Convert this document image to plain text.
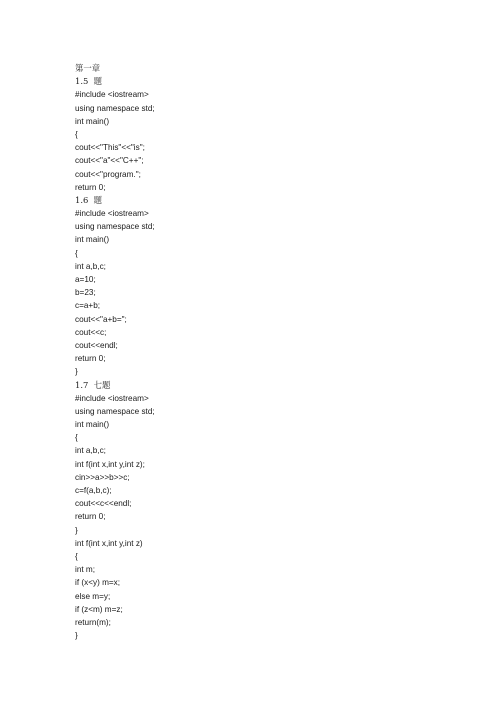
第一章
1.5  题
#include <iostream>
using namespace std;
int main()
{
cout<<"This"<<"is";
cout<<"a"<<"C++";
cout<<"program.";
return 0;
1.6  题
#include <iostream>
using namespace std;
int main()
{
int a,b,c;
a=10;
b=23;
c=a+b;
cout<<"a+b=";
cout<<c;
cout<<endl;
return 0;
}
1.7  七题
#include <iostream>
using namespace std;
int main()
{
int a,b,c;
int f(int x,int y,int z);
cin>>a>>b>>c;
c=f(a,b,c);
cout<<c<<endl;
return 0;
}
int f(int x,int y,int z)
{
int m;
if (x<y) m=x;
else m=y;
if (z<m) m=z;
return(m);
}
